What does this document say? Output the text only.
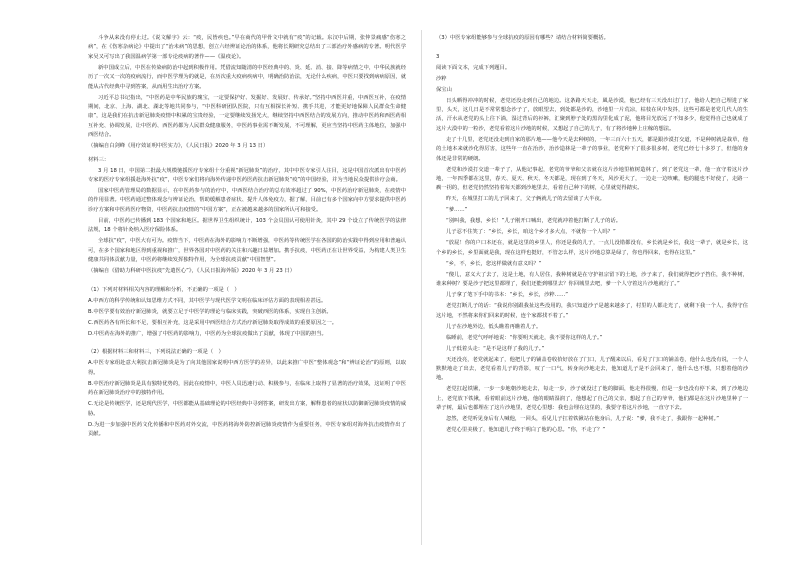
斗争从来没有停止过。《说文解字》云：“疫，民皆疾也。”早在商代的甲骨文中就有“疫”的记载。东汉中后期，张仲景痛感“伤寒之病”，在《伤寒杂病论》中提出了“治未病”的思想，创立六经辨证论治的体系，他将长期研究总结出了三部治疗外感病的专著。明代医学家吴又可写出了我国温病学第一部专论疫病的著作——《温疫论》。

新中国成立后，中医在传染病防治中起到积极作用。凭借流知随清的中医经典中的、炎、延、消、接、降等病情之中，中华民族就经历了一次又一次的疫病流行，而中医学理为的就是，在历次重大疫病疾病中，明确治防治法，无论什么疾病，中医只要找到病病原因，就能从古代经典中寻到答案，从而用生出治疗方案。

习近平总书记指出，“中医药是中华民族的瑰宝，一定要保护好、发掘好、发展好、传承好。”坚持中西医并重，中西医互补，在疫情期间，北京、上海、湖北、湖北等地共同参与，“中医科研团队医院，只有互相探长补短、携手共进，才能更好地保障人民群众生命健康”，这是我们在抗击新冠肺炎疫情中积累的宝贵经验，一定要继续发扬光大，继续坚持中西医结合的发展方向，推动中医药和西医药相互补充、协调发展，让中医药、西医药都为人民群众健康服务，中医药事业需不断发展，不可理解，更应当坚持中医药主体地位，加强中西医结合。

（摘编自白剑峰《用疗效证明中医实力》，《人民日报》2020 年 3 月 13 日）

材料三：

3 月 18 日，中国第二批最大规模驰援医疗专家组十分重视“新冠肺炎”的治疗，其中中医专家引人注目，这是中国首次派出有中医药专家的医疗专家组援赴海外抗“疫”，中医专家们将向海外传递中医药医药抗击新冠肺炎“疫”的中国经验，并为当地民众提供诊疗会商。

国家中医药管理局的数据显示，在中医药参与的治疗中，中西医结合治疗的总有效率超过了 90%，中医药治疗新冠肺炎，在疫情中的作用显著。中医药通过整体观念与辨证论治，帮助缓解患者症状、提升人体免疫力，据了解，目前已有多个国家向中方要求提供中医药诊疗方案和中医药医疗物资，中医药抗击疫情的“中国方案”，正在被越来越多的国家所认可和接受。

目前，中医药已传播到 183 个国家和地区。据世界卫生组织统计，103 个会员国认可使用针灸，其中 29 个设立了传统医学的法律法规，18 个将针灸纳入医疗保险体系。

全球抗“疫”，中医大有可为。疫情当下，中医药在海外的影响力不断增强，中医药等传统医学在各国的防治实践中得到应用和普遍认可，在多个国家和地区得到重视和推广，世界各国对中医药的关注和兴趣日益增加。携手抗疫，中医药正在让世界受益，为构建人类卫生健康共同体贡献力量，中医药将继续发挥独特作用，为全球抗疫贡献“中国智慧”。

（摘编自《借助力科研中医抗疫“先遣医心”》，《人民日报海外版》2020 年 3 月 23 日）

（1）下列对材料相关内容的理解和分析，不正确的一项是（　）

A.中西方的科学传统和认知思维方式不同，其中医学与现代医学文明在临床评估方面的表现相差甚远。

B.中医学要有效治疗新冠肺炎，就要立足于中医学的理论与临床实践，突破西医的体系，实现自主创新。

C.西医药各有所长和不足，要相互补充，这是采用中西医结合方式治疗新冠肺炎取得成效的重要原因之一。

D.中医药在海外的推广，增强了中医药的影响力，中医药为全球抗疫做出了贡献，体现了中国的担当。

（2）根据材料三和材料三，下列说法正确的一项是（　）

A.中医专家组赴意大利抗击新冠肺炎是为了向其他国家说明中西方医学的差异，以此来推广中医“整体观念”和“辨证论治”的原则，以取得。

B.中医治疗新冠肺炎是具有独特优势的，因此在疫情中，中医人员迅速行动、积极参与，在临床上取得了显著的治疗效果，这证明了中医药在新冠肺炎治疗中的独特作用。

C.无论是传统医学，还是现代医学，中医都能从基础理论的中医经典中寻到答案，研发出方案，解释患者的症状以防御新冠肺炎疫情的威胁。

D.为进一步加强中医药文化传播和中医药对外交流，中医药将海外防控新冠肺炎疫情作为重要任务，中医专家组对海外抗击疫情作出了贡献。

（3）中医专家组能够参与全球抗疫的原因有哪些？请结合材料简要概括。

3

阅读下面文本，完成下列题目。

沙粹

保宝山

日头晒得冲冲的时候，老党还没走到自己的地边。这条路天天走，風是沙漠，他已经有三天没出过门了，他给人把自己埋进了家里，头天，这几日是不常常想念沙子了，放眼望去，到处都是沙的，沙地里一片荒凉，枯枝在风中发抖，这些可都是老党几代人的生活，汗水从老党的头上往下淌，湿过背后的衫裤，汇聚到脖子处的黑沟里化成了泥，他将目光放远了不知多少，他觉得自己也就成了这片大漠中的一粒沙，老党看着这片沙地的时候，又想起了自己的儿子，有了将沙地种上庄稼的想法。

走了十几里，老党还没走到自家的那片地——他今天是去种树的，一年三百六十五天，都是跟沙漠打交道，不是种树就是栽草，他的土地本来就沙化得厉害，这些年一直在治沙，治沙造林是一辈子的事业，老党种下了很多很多树，老党已经七十多岁了，但他的身体还是非常的硬朗。

老党和沙漠打交道一辈子了，从他记事起，老党的爷爷和父亲就在这片沙地里植树造林了，到了老党这一辈，他一直守着这片沙地，一年四季都在这里，春天、夏天、秋天、冬天都是，现在到了冬天，风沙更大了，一边走一边咳嗽，他的腿也不好使了，走路一瘸一拐的，但老党仍然坚持着每天都到沙地里去，看着自己种下的树，心里就觉得踏实。

昨天，在城里打工的儿子回来了，父子俩就儿子的去留谈了大半夜。

“爹……”

“别叫我，我想，乡长！”儿子刚开口喊出，老党就冲着他打断了儿子的话。

儿子忍不住笑了：“乡长，乡长，咱这个乡才多大点，不就你一个人吗？”

“放屁！你的户口本还在，就是这里的乡里人，你还是我的儿子，一点儿没错都没有，乡长就是乡长，我这一辈子，就是乡长，这个乡的乡长，乡里面就是我，现在这样也挺好，不管怎么样，这片沙地总算是绿了，你也得回来，也得在这里。”

“乡，不，乡长，您这样做就有意义吗？”

“傻儿，意义大了去了，这是土地，有人居住，我种树就是在守护祖宗留下的土地，沙子来了，我们就得把沙子挡住，我不种树，谁来种树？要是沙子把这里都埋了，我们还能到哪里去？你回城里去吧，爹一个人守着这片沙地就行了。”

儿子拿了笔下手中的书本：“乡长，乡长，沙粹……”

老党打断儿子的话：“我说你别跟我扯这些没用的，我只知道沙子是越来越多了，村里的人都走光了，就剩下我一个人，我得守住这片地，不然将来你们回来的时候，连个家都找不着了。”

儿子在沙地外边，低头瞧着再瞧着儿子。

临睡前，老党气呼呼地说：“你要明天就走，我不要你这样的儿子。”

儿子低着头走：“是不是这样了我的儿子。”

天还没亮，老党就起来了，他把儿子的铺盖卷收拾好放在了门口，儿子醒来以后，看见了门口的铺盖卷，他什么也没有说，一个人默默地走了出去，老党看着儿子的背影，叹了一口气，转身向沙地走去，他知道儿子是不会回来了，他什么也不想，只想着他的沙地。

老党扛起铁锹，一步一步地朝沙地走去，每走一步，沙子就没过了他的脚面，他走得很慢，但是一步也没有停下来，到了沙地边上，老党放下铁锹，看着眼前这片沙地，他的眼睛湿润了，他想起了自己的父亲，想起了自己的爷爷，他们都是在这片沙地里种了一辈子树，最后也都埋在了这片沙地里，老党心里想：我也会埋在这里的，我要守着这片沙地，一直守下去。

忽然，老党听见身后有人喊他，一回头，看见儿子扛着铁锹站在他身后，儿子说：“爹，我不走了，我跟你一起种树。”

老党心里美极了，他知道儿子终于明白了他的心思。“你，不走了？”
